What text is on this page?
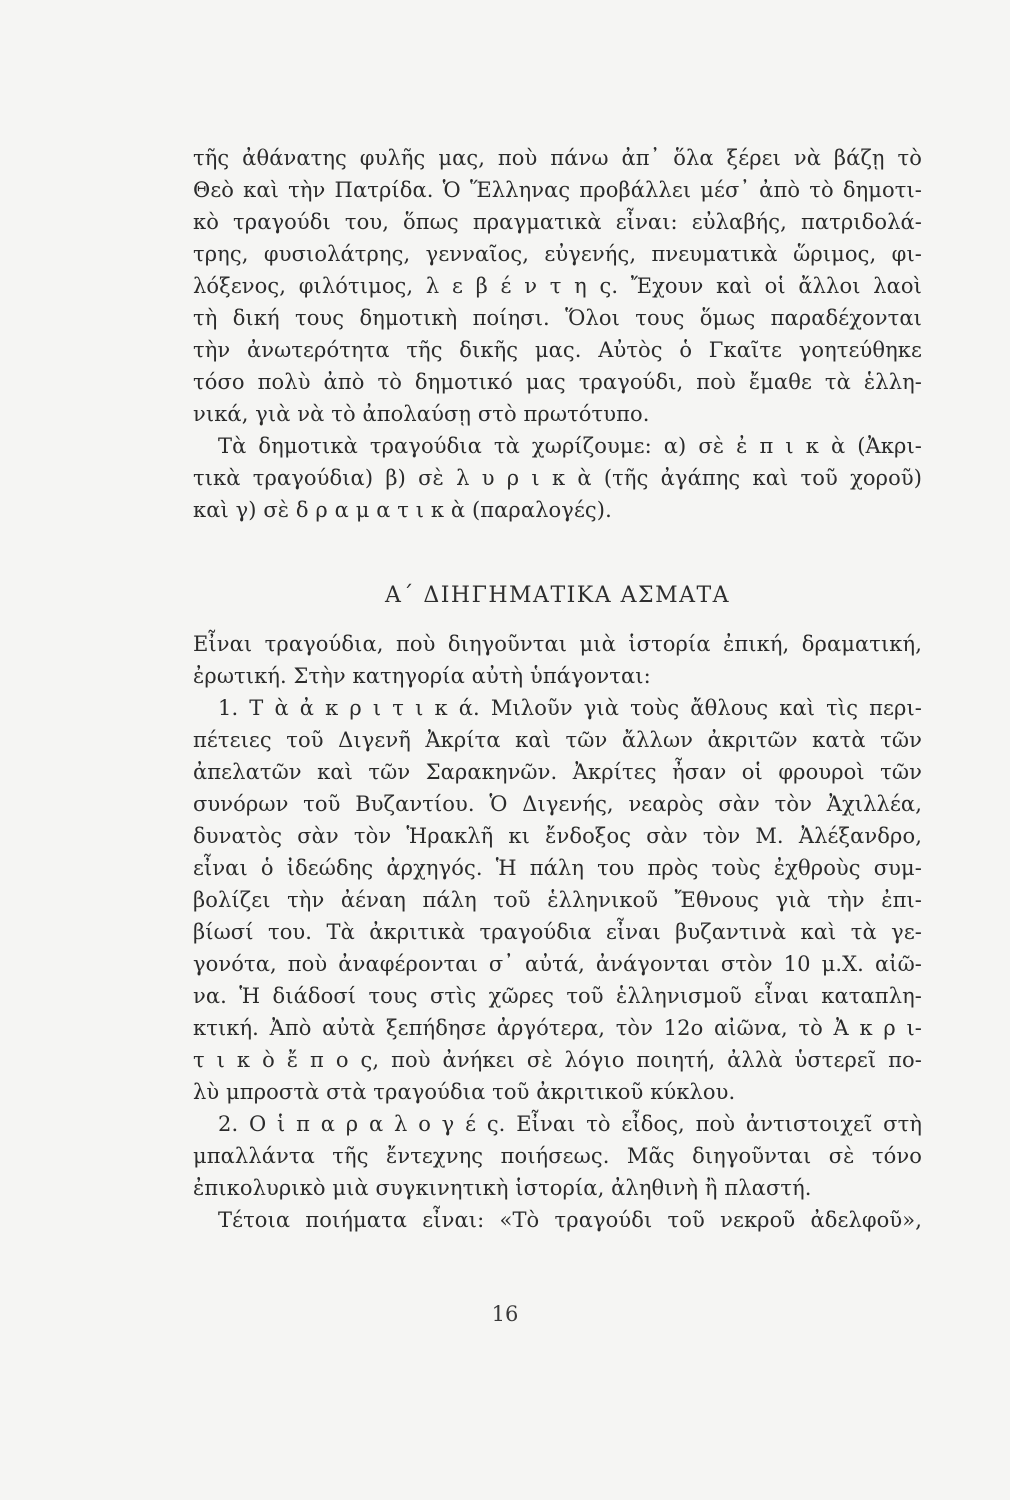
τῆς ἀθάνατης φυλῆς μας, ποὺ πάνω ἀπ᾽ ὅλα ξέρει νὰ βάζῃ τὸ
Θεὸ καὶ τὴν Πατρίδα. Ὁ Ἕλληνας προβάλλει μέσ᾽ ἀπὸ τὸ δημοτι-
κὸ τραγούδι του, ὅπως πραγματικὰ εἶναι: εὐλαβής, πατριδολά-
τρης, φυσιολάτρης, γενναῖος, εὐγενής, πνευματικὰ ὥριμος, φι-
λόξενος, φιλότιμος, λ ε β έ ν τ η ς. Ἔχουν καὶ οἱ ἄλλοι λαοὶ
τὴ δική τους δημοτικὴ ποίησι. Ὅλοι τους ὅμως παραδέχονται
τὴν ἀνωτερότητα τῆς δικῆς μας. Αὐτὸς ὁ Γκαῖτε γοητεύθηκε
τόσο πολὺ ἀπὸ τὸ δημοτικό μας τραγούδι, ποὺ ἔμαθε τὰ ἑλλη-
νικά, γιὰ νὰ τὸ ἀπολαύσῃ στὸ πρωτότυπο.
Τὰ δημοτικὰ τραγούδια τὰ χωρίζουμε: α) σὲ ἐ π ι κ ὰ (Ἀκρι-
τικὰ τραγούδια) β) σὲ λ υ ρ ι κ ὰ (τῆς ἀγάπης καὶ τοῦ χοροῦ)
καὶ γ) σὲ δ ρ α μ α τ ι κ ὰ (παραλογές).
Α΄ ΔΙΗΓΗΜΑΤΙΚΑ ΑΣΜΑΤΑ
Εἶναι τραγούδια, ποὺ διηγοῦνται μιὰ ἱστορία ἐπική, δραματική,
ἐρωτική. Στὴν κατηγορία αὐτὴ ὑπάγονται:
1. Τ ὰ ἀ κ ρ ι τ ι κ ά. Μιλοῦν γιὰ τοὺς ἄθλους καὶ τὶς περι-
πέτειες τοῦ Διγενῆ Ἀκρίτα καὶ τῶν ἄλλων ἀκριτῶν κατὰ τῶν
ἀπελατῶν καὶ τῶν Σαρακηνῶν. Ἀκρίτες ἦσαν οἱ φρουροὶ τῶν
συνόρων τοῦ Βυζαντίου. Ὁ Διγενής, νεαρὸς σὰν τὸν Ἀχιλλέα,
δυνατὸς σὰν τὸν Ἡρακλῆ κι ἔνδοξος σὰν τὸν Μ. Ἀλέξανδρο,
εἶναι ὁ ἰδεώδης ἀρχηγός. Ἡ πάλη του πρὸς τοὺς ἐχθροὺς συμ-
βολίζει τὴν ἀέναη πάλη τοῦ ἑλληνικοῦ Ἔθνους γιὰ τὴν ἐπι-
βίωσί του. Τὰ ἀκριτικὰ τραγούδια εἶναι βυζαντινὰ καὶ τὰ γε-
γονότα, ποὺ ἀναφέρονται σ᾽ αὐτά, ἀνάγονται στὸν 10 μ.Χ. αἰῶ-
να. Ἡ διάδοσί τους στὶς χῶρες τοῦ ἑλληνισμοῦ εἶναι καταπλη-
κτική. Ἀπὸ αὐτὰ ξεπήδησε ἀργότερα, τὸν 12ο αἰῶνα, τὸ Ἀ κ ρ ι-
τ ι κ ὸ ἔ π ο ς, ποὺ ἀνήκει σὲ λόγιο ποιητή, ἀλλὰ ὑστερεῖ πο-
λὺ μπροστὰ στὰ τραγούδια τοῦ ἀκριτικοῦ κύκλου.
2. Ο ἱ π α ρ α λ ο γ έ ς. Εἶναι τὸ εἶδος, ποὺ ἀντιστοιχεῖ στὴ
μπαλλάντα τῆς ἔντεχνης ποιήσεως. Μᾶς διηγοῦνται σὲ τόνο
ἐπικολυρικὸ μιὰ συγκινητικὴ ἱστορία, ἀληθινὴ ἢ πλαστή.
Τέτοια ποιήματα εἶναι: «Τὸ τραγούδι τοῦ νεκροῦ ἀδελφοῦ»,
16
